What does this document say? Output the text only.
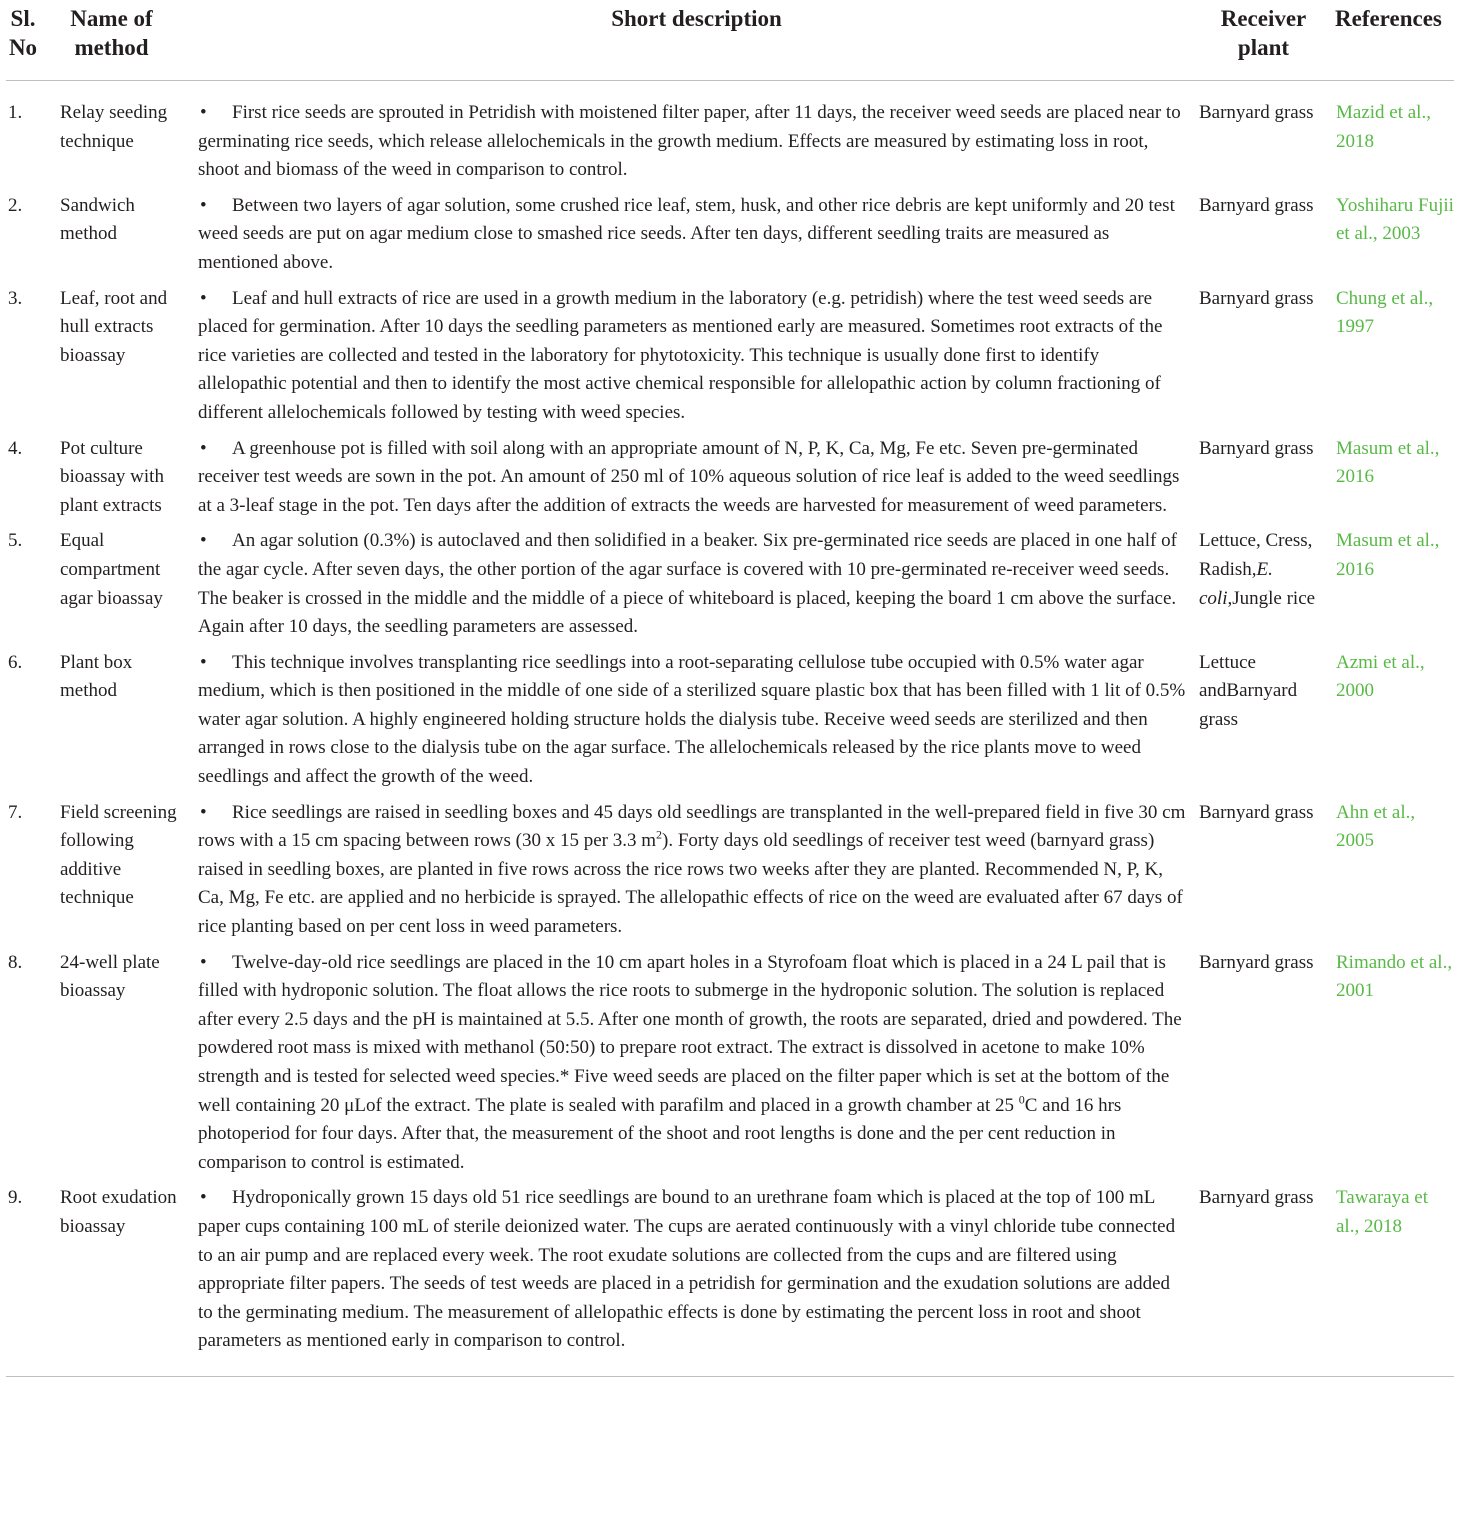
Sl. No	Name of method	Short description	Receiver plant	References
1.	Relay seeding technique	• First rice seeds are sprouted in Petridish with moistened filter paper, after 11 days, the receiver weed seeds are placed near to germinating rice seeds, which release allelochemicals in the growth medium. Effects are measured by estimating loss in root, shoot and biomass of the weed in comparison to control.	Barnyard grass	Mazid et al., 2018
2.	Sandwich method	• Between two layers of agar solution, some crushed rice leaf, stem, husk, and other rice debris are kept uniformly and 20 test weed seeds are put on agar medium close to smashed rice seeds. After ten days, different seedling traits are measured as mentioned above.	Barnyard grass	Yoshiharu Fujii et al., 2003
3.	Leaf, root and hull extracts bioassay	• Leaf and hull extracts of rice are used in a growth medium in the laboratory (e.g. petridish) where the test weed seeds are placed for germination. After 10 days the seedling parameters as mentioned early are measured. Sometimes root extracts of the rice varieties are collected and tested in the laboratory for phytotoxicity. This technique is usually done first to identify allelopathic potential and then to identify the most active chemical responsible for allelopathic action by column fractioning of different allelochemicals followed by testing with weed species.	Barnyard grass	Chung et al., 1997
4.	Pot culture bioassay with plant extracts	• A greenhouse pot is filled with soil along with an appropriate amount of N, P, K, Ca, Mg, Fe etc. Seven pre-germinated receiver test weeds are sown in the pot. An amount of 250 ml of 10% aqueous solution of rice leaf is added to the weed seedlings at a 3-leaf stage in the pot. Ten days after the addition of extracts the weeds are harvested for measurement of weed parameters.	Barnyard grass	Masum et al., 2016
5.	Equal compartment agar bioassay	• An agar solution (0.3%) is autoclaved and then solidified in a beaker. Six pre-germinated rice seeds are placed in one half of the agar cycle. After seven days, the other portion of the agar surface is covered with 10 pre-germinated re-receiver weed seeds. The beaker is crossed in the middle and the middle of a piece of whiteboard is placed, keeping the board 1 cm above the surface. Again after 10 days, the seedling parameters are assessed.	Lettuce, Cress, Radish,E. coli,Jungle rice	Masum et al., 2016
6.	Plant box method	• This technique involves transplanting rice seedlings into a root-separating cellulose tube occupied with 0.5% water agar medium, which is then positioned in the middle of one side of a sterilized square plastic box that has been filled with 1 lit of 0.5% water agar solution. A highly engineered holding structure holds the dialysis tube. Receive weed seeds are sterilized and then arranged in rows close to the dialysis tube on the agar surface. The allelochemicals released by the rice plants move to weed seedlings and affect the growth of the weed.	Lettuce andBarnyard grass	Azmi et al., 2000
7.	Field screening following additive technique	• Rice seedlings are raised in seedling boxes and 45 days old seedlings are transplanted in the well-prepared field in five 30 cm rows with a 15 cm spacing between rows (30 x 15 per 3.3 $m^2$). Forty days old seedlings of receiver test weed (barnyard grass) raised in seedling boxes, are planted in five rows across the rice rows two weeks after they are planted. Recommended N, P, K, Ca, Mg, Fe etc. are applied and no herbicide is sprayed. The allelopathic effects of rice on the weed are evaluated after 67 days of rice planting based on per cent loss in weed parameters.	Barnyard grass	Ahn et al., 2005
8.	24-well plate bioassay	• Twelve-day-old rice seedlings are placed in the 10 cm apart holes in a Styrofoam float which is placed in a 24 L pail that is filled with hydroponic solution. The float allows the rice roots to submerge in the hydroponic solution. The solution is replaced after every 2.5 days and the pH is maintained at 5.5. After one month of growth, the roots are separated, dried and powdered. The powdered root mass is mixed with methanol (50:50) to prepare root extract. The extract is dissolved in acetone to make 10% strength and is tested for selected weed species.* Five weed seeds are placed on the filter paper which is set at the bottom of the well containing 20 μLof the extract. The plate is sealed with parafilm and placed in a growth chamber at 25 $^0$C and 16 hrs photoperiod for four days. After that, the measurement of the shoot and root lengths is done and the per cent reduction in comparison to control is estimated.	Barnyard grass	Rimando et al., 2001
9.	Root exudation bioassay	• Hydroponically grown 15 days old 51 rice seedlings are bound to an urethrane foam which is placed at the top of 100 mL paper cups containing 100 mL of sterile deionized water. The cups are aerated continuously with a vinyl chloride tube connected to an air pump and are replaced every week. The root exudate solutions are collected from the cups and are filtered using appropriate filter papers. The seeds of test weeds are placed in a petridish for germination and the exudation solutions are added to the germinating medium. The measurement of allelopathic effects is done by estimating the percent loss in root and shoot parameters as mentioned early in comparison to control.	Barnyard grass	Tawaraya et al., 2018
